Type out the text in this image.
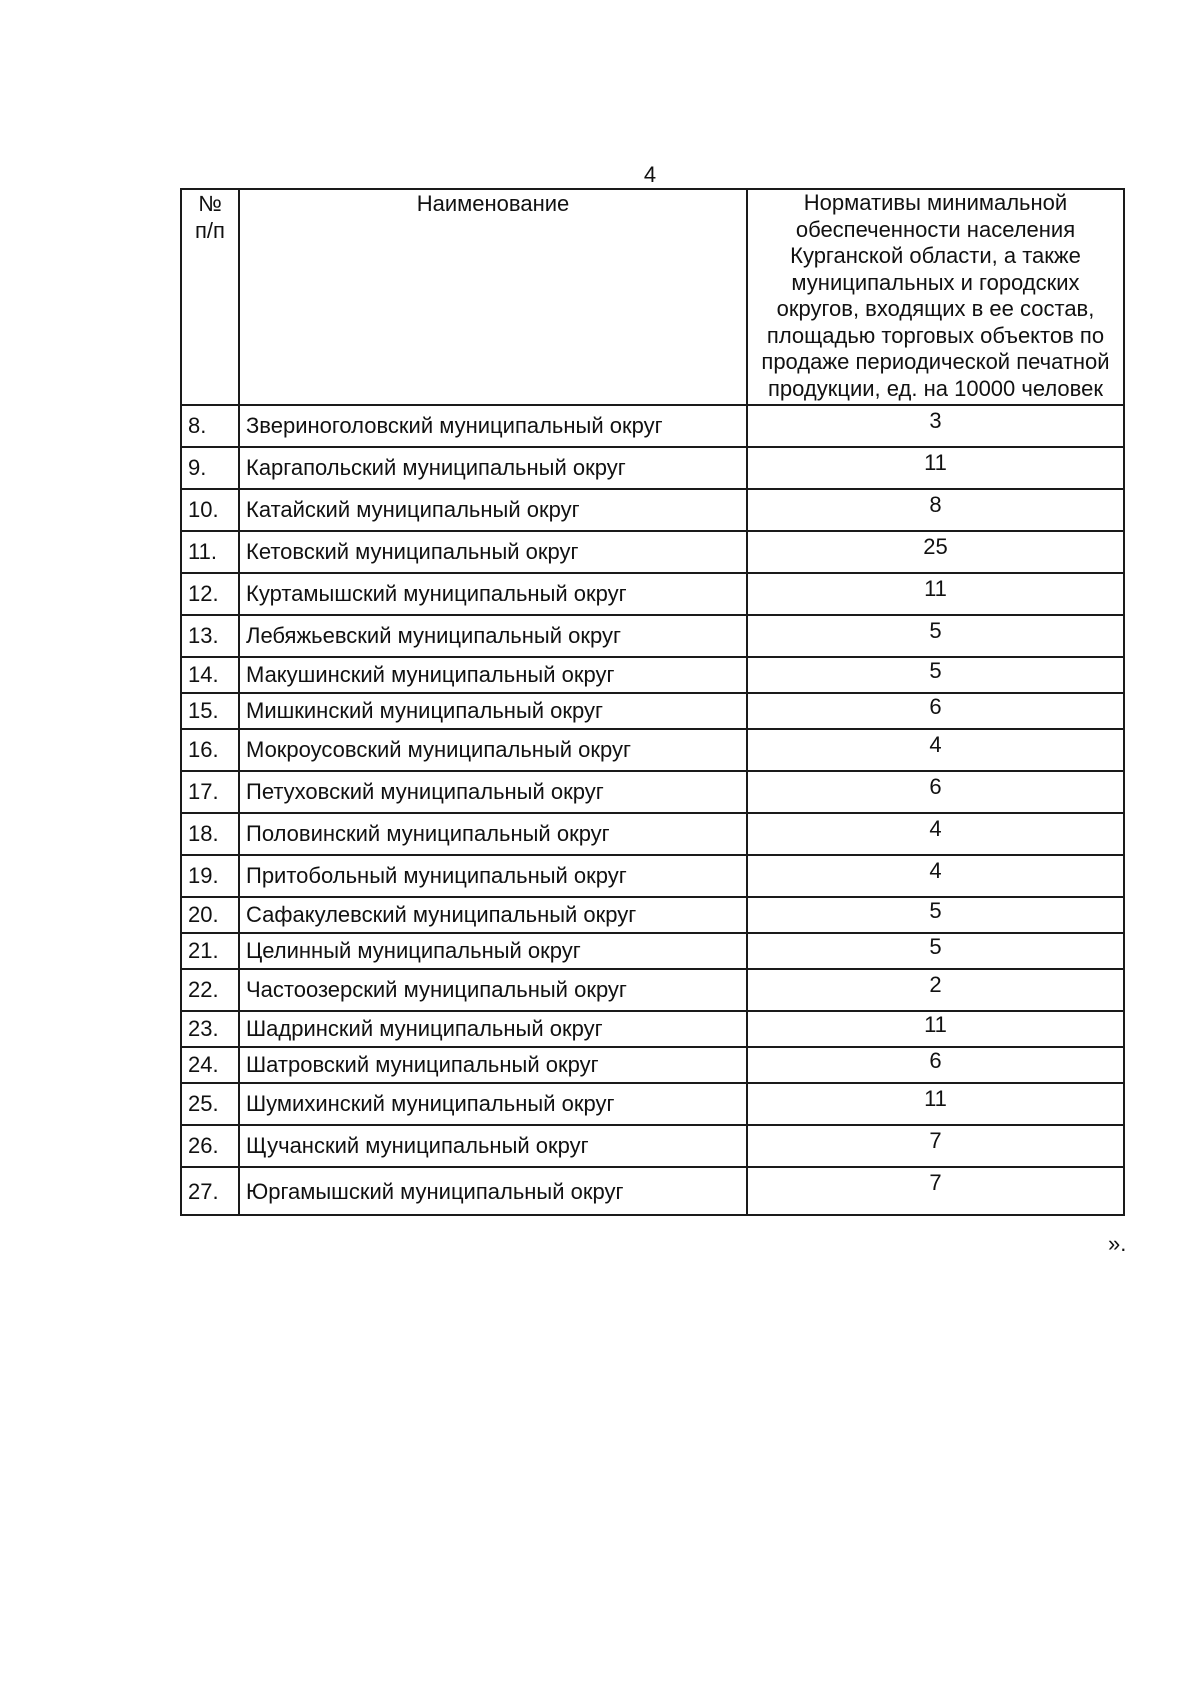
4
№
п/п	Наименование	Нормативы минимальной обеспеченности населения Курганской области, а также муниципальных и городских округов, входящих в ее состав, площадью торговых объектов по продаже периодической печатной продукции, ед. на 10000 человек
8.	Звериноголовский муниципальный округ	3
9.	Каргапольский муниципальный округ	11
10.	Катайский муниципальный округ	8
11.	Кетовский муниципальный округ	25
12.	Куртамышский муниципальный округ	11
13.	Лебяжьевский муниципальный округ	5
14.	Макушинский муниципальный округ	5
15.	Мишкинский муниципальный округ	6
16.	Мокроусовский муниципальный округ	4
17.	Петуховский муниципальный округ	6
18.	Половинский муниципальный округ	4
19.	Притобольный муниципальный округ	4
20.	Сафакулевский муниципальный округ	5
21.	Целинный муниципальный округ	5
22.	Частоозерский муниципальный округ	2
23.	Шадринский муниципальный округ	11
24.	Шатровский муниципальный округ	6
25.	Шумихинский муниципальный округ	11
26.	Щучанский муниципальный округ	7
27.	Юргамышский муниципальный округ	7
».
